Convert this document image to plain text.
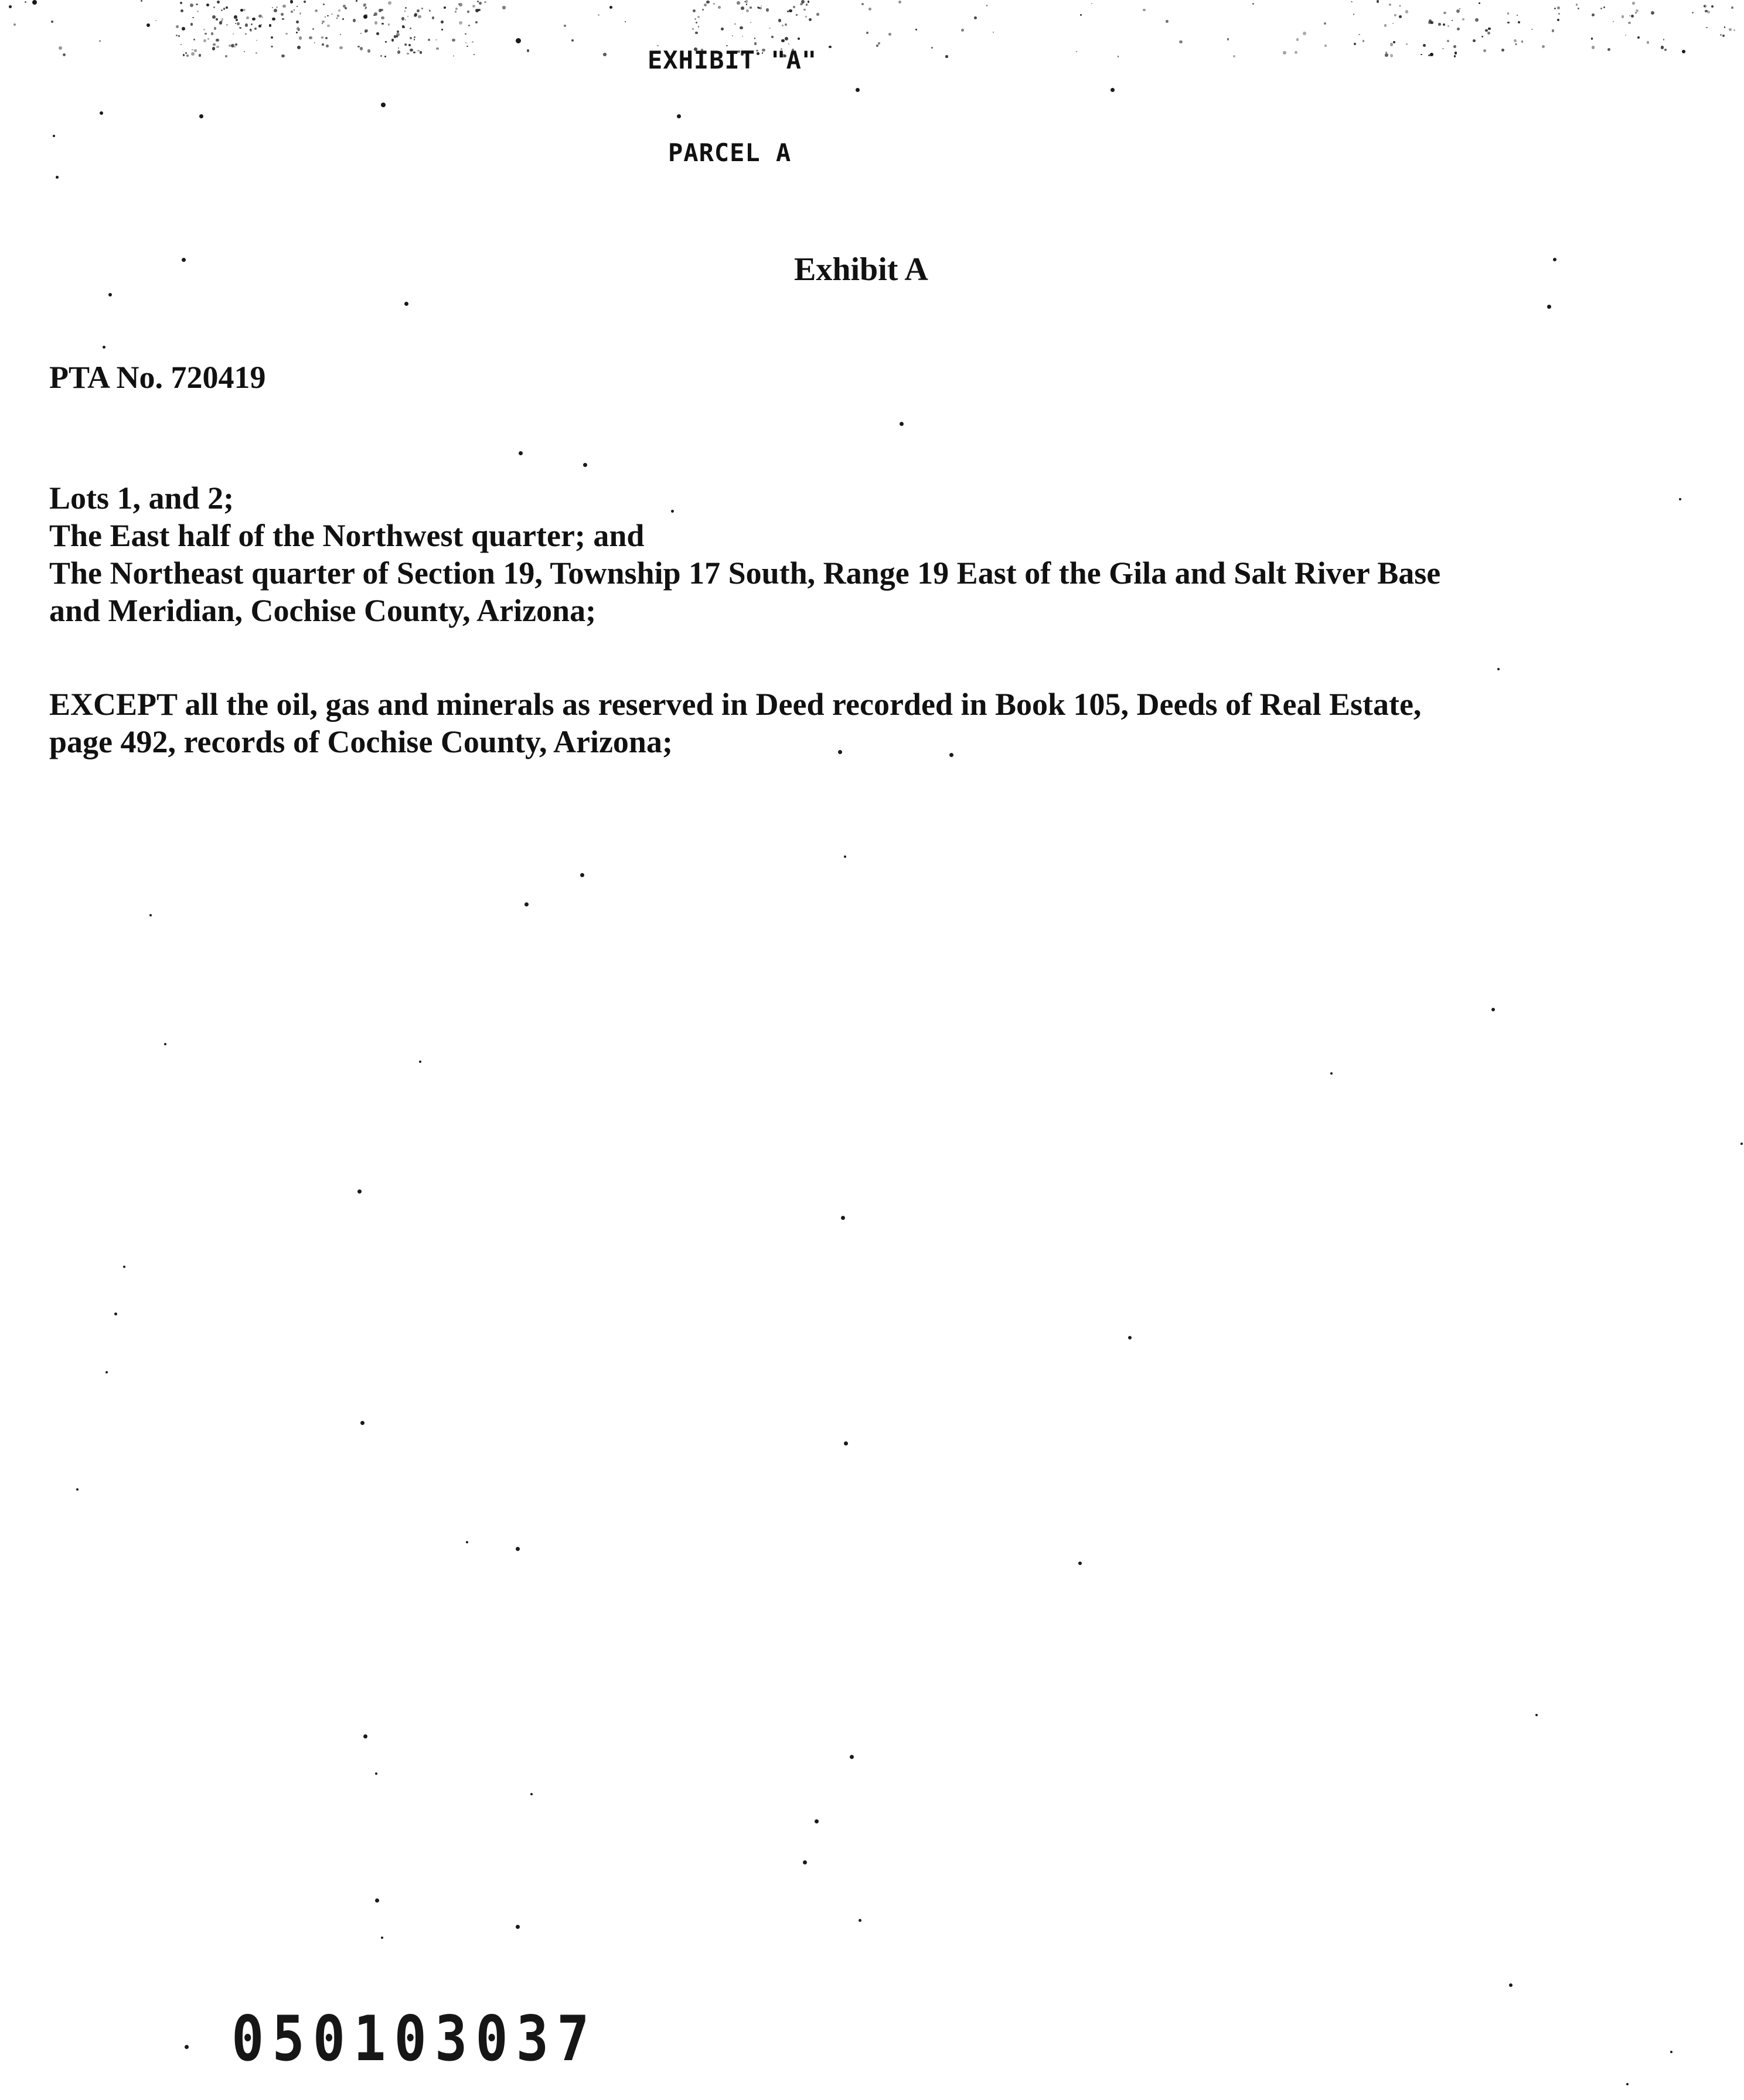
EXHIBIT "A"
PARCEL A
Exhibit A
PTA No. 720419
Lots 1, and 2;
The East half of the Northwest quarter; and
The Northeast quarter of Section 19, Township 17 South, Range 19 East of the Gila and Salt River Base
and Meridian, Cochise County, Arizona;
EXCEPT all the oil, gas and minerals as reserved in Deed recorded in Book 105, Deeds of Real Estate,
page 492, records of Cochise County, Arizona;
050103037
